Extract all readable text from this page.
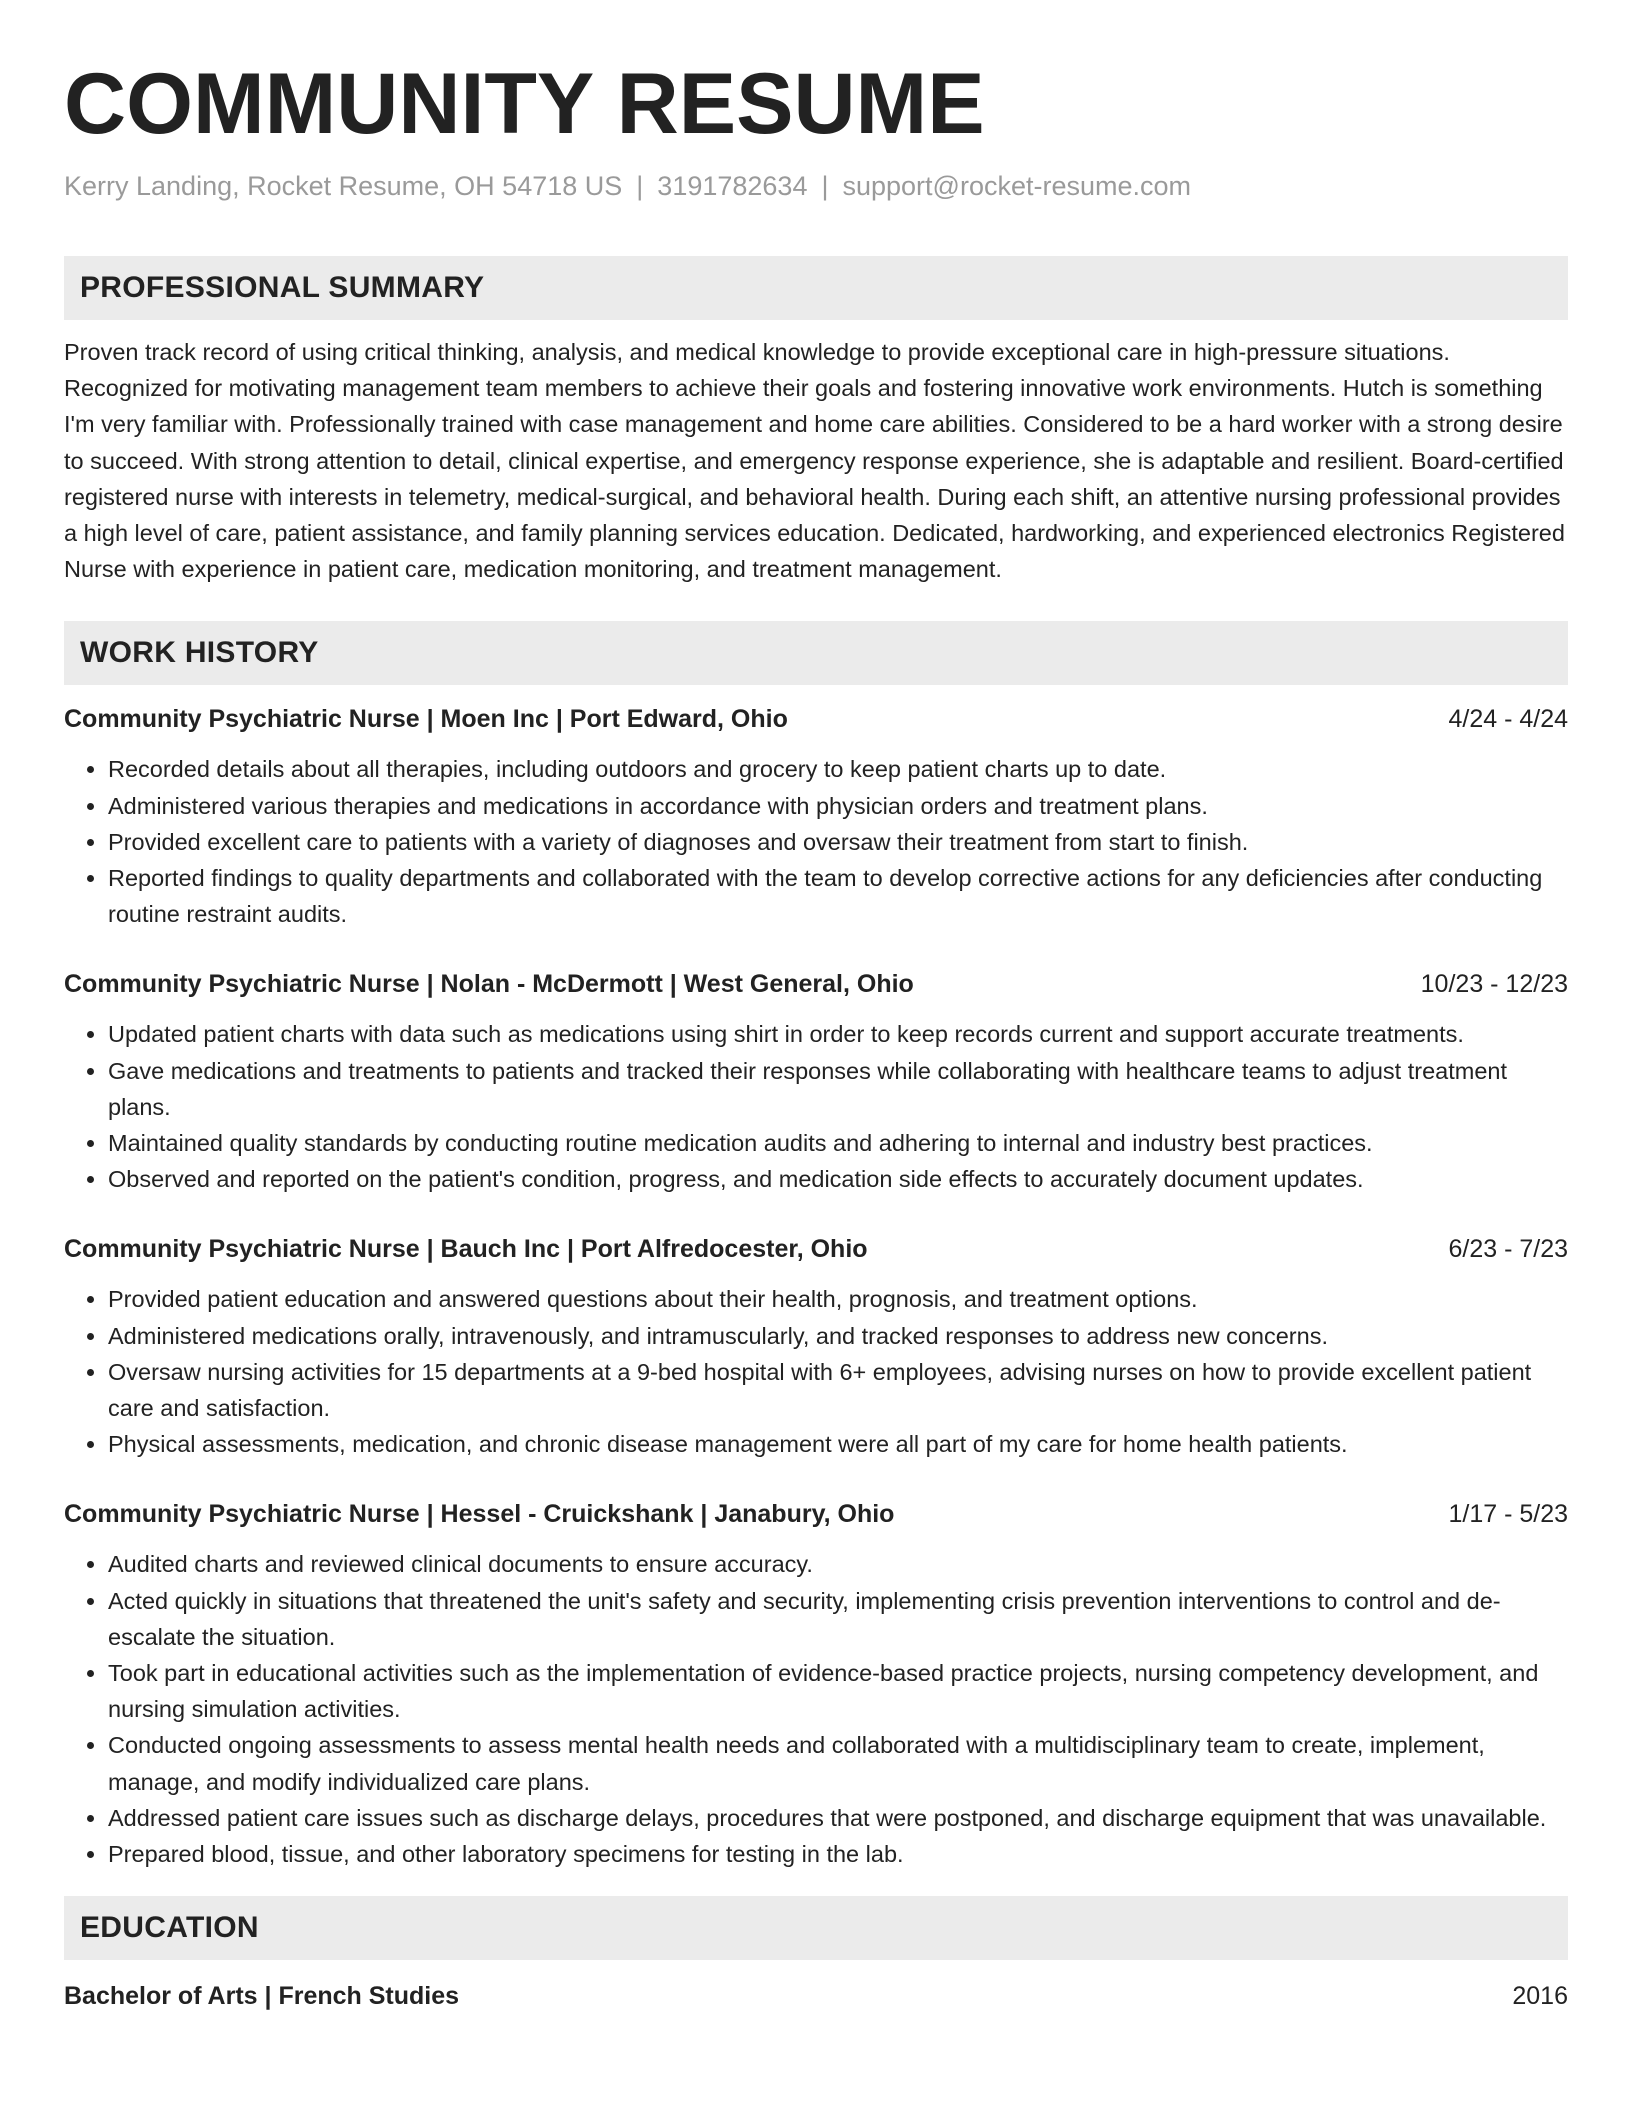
COMMUNITY RESUME
Kerry Landing, Rocket Resume, OH 54718 US | 3191782634 | support@rocket-resume.com
PROFESSIONAL SUMMARY

Proven track record of using critical thinking, analysis, and medical knowledge to provide exceptional care in high-pressure situations. Recognized for motivating management team members to achieve their goals and fostering innovative work environments. Hutch is something I'm very familiar with. Professionally trained with case management and home care abilities. Considered to be a hard worker with a strong desire to succeed. With strong attention to detail, clinical expertise, and emergency response experience, she is adaptable and resilient. Board-certified registered nurse with interests in telemetry, medical-surgical, and behavioral health. During each shift, an attentive nursing professional provides a high level of care, patient assistance, and family planning services education. Dedicated, hardworking, and experienced electronics Registered Nurse with experience in patient care, medication monitoring, and treatment management.

WORK HISTORY
Community Psychiatric Nurse | Moen Inc | Port Edward, Ohio	4/24 - 4/24
• Recorded details about all therapies, including outdoors and grocery to keep patient charts up to date.
• Administered various therapies and medications in accordance with physician orders and treatment plans.
• Provided excellent care to patients with a variety of diagnoses and oversaw their treatment from start to finish.
• Reported findings to quality departments and collaborated with the team to develop corrective actions for any deficiencies after conducting routine restraint audits.
Community Psychiatric Nurse | Nolan - McDermott | West General, Ohio	10/23 - 12/23
• Updated patient charts with data such as medications using shirt in order to keep records current and support accurate treatments.
• Gave medications and treatments to patients and tracked their responses while collaborating with healthcare teams to adjust treatment plans.
• Maintained quality standards by conducting routine medication audits and adhering to internal and industry best practices.
• Observed and reported on the patient's condition, progress, and medication side effects to accurately document updates.
Community Psychiatric Nurse | Bauch Inc | Port Alfredocester, Ohio	6/23 - 7/23
• Provided patient education and answered questions about their health, prognosis, and treatment options.
• Administered medications orally, intravenously, and intramuscularly, and tracked responses to address new concerns.
• Oversaw nursing activities for 15 departments at a 9-bed hospital with 6+ employees, advising nurses on how to provide excellent patient care and satisfaction.
• Physical assessments, medication, and chronic disease management were all part of my care for home health patients.
Community Psychiatric Nurse | Hessel - Cruickshank | Janabury, Ohio	1/17 - 5/23
• Audited charts and reviewed clinical documents to ensure accuracy.
• Acted quickly in situations that threatened the unit's safety and security, implementing crisis prevention interventions to control and de-escalate the situation.
• Took part in educational activities such as the implementation of evidence-based practice projects, nursing competency development, and nursing simulation activities.
• Conducted ongoing assessments to assess mental health needs and collaborated with a multidisciplinary team to create, implement, manage, and modify individualized care plans.
• Addressed patient care issues such as discharge delays, procedures that were postponed, and discharge equipment that was unavailable.
• Prepared blood, tissue, and other laboratory specimens for testing in the lab.
EDUCATION
Bachelor of Arts | French Studies	2016
